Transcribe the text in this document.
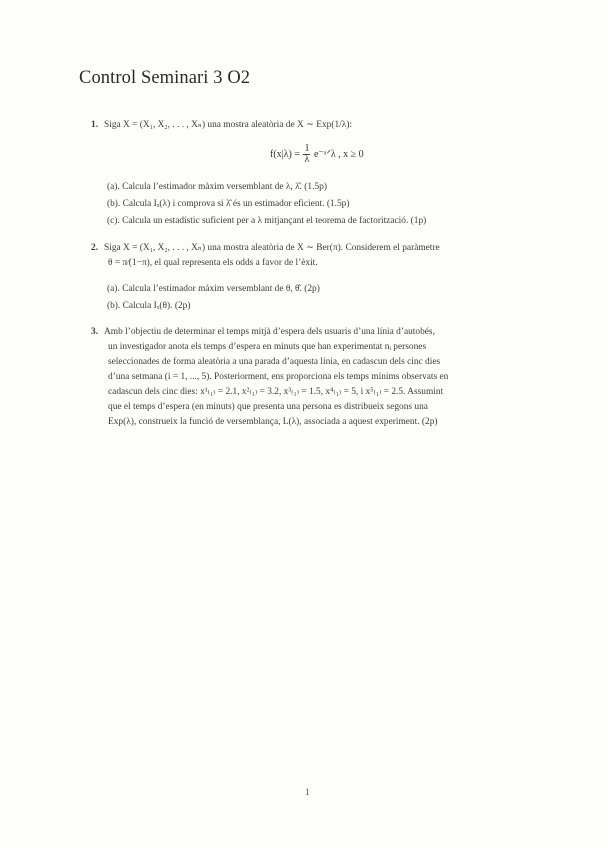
Control Seminari 3 O2
1. Siga X = (X₁, X₂, . . . , Xₙ) una mostra aleatòria de X ∼ Exp(1/λ):
$f(x|\lambda) = \frac{1}{\lambda}$ e⁻ˣᐟλ , x ≥ 0
(a). Calcula l’estimador màxim versemblant de λ, λ̂. (1.5p)
(b). Calcula Iₓ(λ) i comprova si λ̂ és un estimador eficient. (1.5p)
(c). Calcula un estadístic suficient per a λ mitjançant el teorema de factorització. (1p)
2. Siga X = (X₁, X₂, . . . , Xₙ) una mostra aleatòria de X ∼ Ber(π). Considerem el paràmetre
θ = π⁄(1−π), el qual representa els odds a favor de l’èxit.
(a). Calcula l’estimador màxim versemblant de θ, θ̂. (2p)
(b). Calcula Iₓ(θ). (2p)
3. Amb l’objectiu de determinar el temps mitjà d’espera dels usuaris d’una línia d’autobés,
un investigador anota els temps d’espera en minuts que han experimentat nᵢ persones
seleccionades de forma aleatòria a una parada d’aquesta línia, en cadascun dels cinc dies
d’una setmana (i = 1, ..., 5). Posteriorment, ens proporciona els temps mínims observats en
cadascun dels cinc dies: x¹₍₁₎ = 2.1, x²₍₁₎ = 3.2, x³₍₁₎ = 1.5, x⁴₍₁₎ = 5, i x⁵₍₁₎ = 2.5. Assumint
que el temps d’espera (en minuts) que presenta una persona es distribueix segons una
Exp(λ), construeix la funció de versemblança, L(λ), associada a aquest experiment. (2p)
1
